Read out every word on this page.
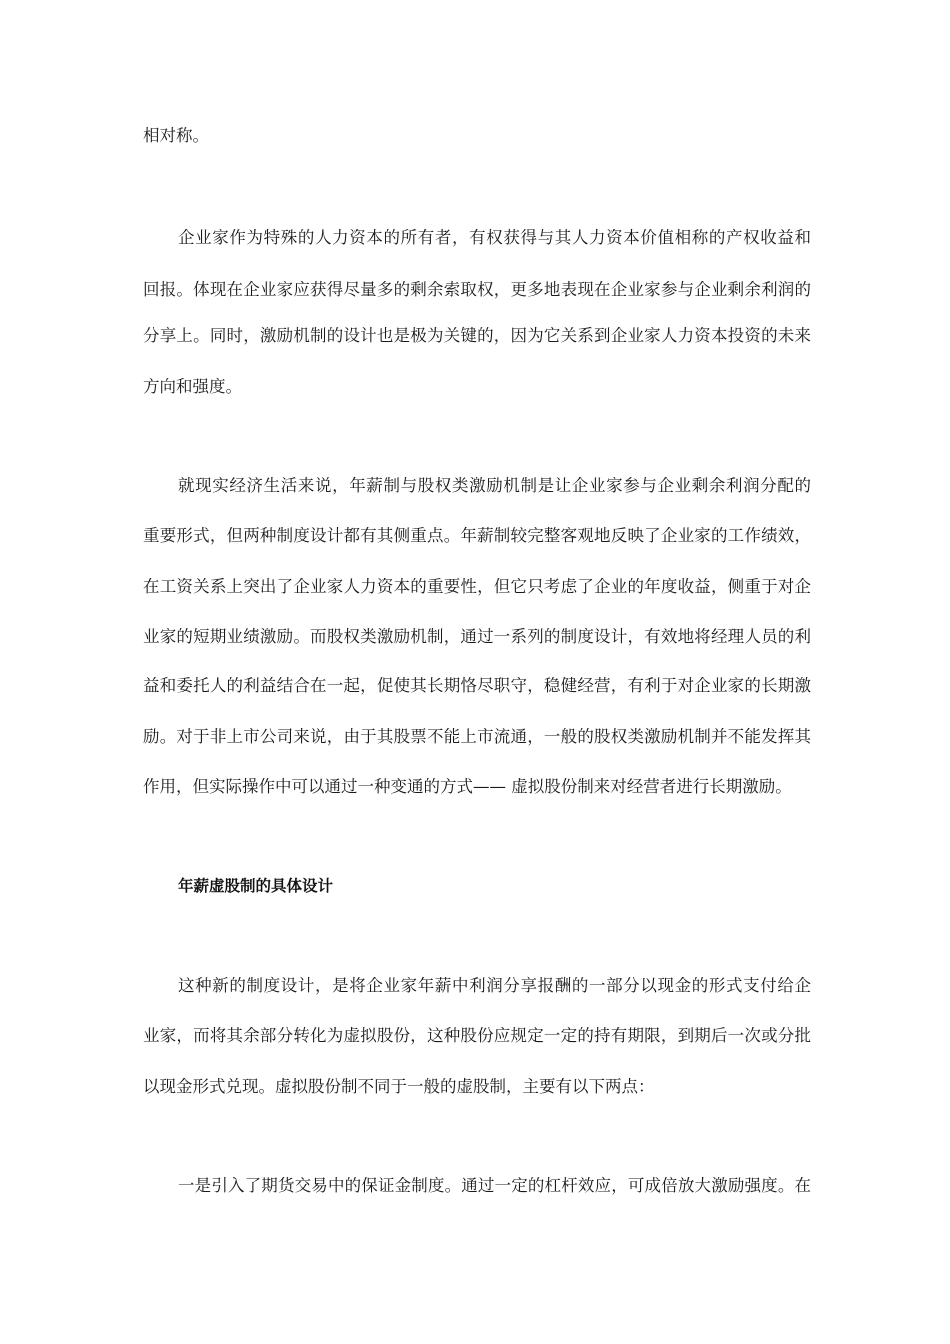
相对称。
企业家作为特殊的人力资本的所有者，有权获得与其人力资本价值相称的产权收益和
回报。体现在企业家应获得尽量多的剩余索取权，更多地表现在企业家参与企业剩余利润的
分享上。同时，激励机制的设计也是极为关键的，因为它关系到企业家人力资本投资的未来
方向和强度。
就现实经济生活来说，年薪制与股权类激励机制是让企业家参与企业剩余利润分配的
重要形式，但两种制度设计都有其侧重点。年薪制较完整客观地反映了企业家的工作绩效，
在工资关系上突出了企业家人力资本的重要性，但它只考虑了企业的年度收益，侧重于对企
业家的短期业绩激励。而股权类激励机制，通过一系列的制度设计，有效地将经理人员的利
益和委托人的利益结合在一起，促使其长期恪尽职守，稳健经营，有利于对企业家的长期激
励。对于非上市公司来说，由于其股票不能上市流通，一般的股权类激励机制并不能发挥其
作用，但实际操作中可以通过一种变通的方式—— 虚拟股份制来对经营者进行长期激励。
年薪虚股制的具体设计
这种新的制度设计，是将企业家年薪中利润分享报酬的一部分以现金的形式支付给企
业家，而将其余部分转化为虚拟股份，这种股份应规定一定的持有期限，到期后一次或分批
以现金形式兑现。虚拟股份制不同于一般的虚股制，主要有以下两点：
一是引入了期货交易中的保证金制度。通过一定的杠杆效应，可成倍放大激励强度。在
